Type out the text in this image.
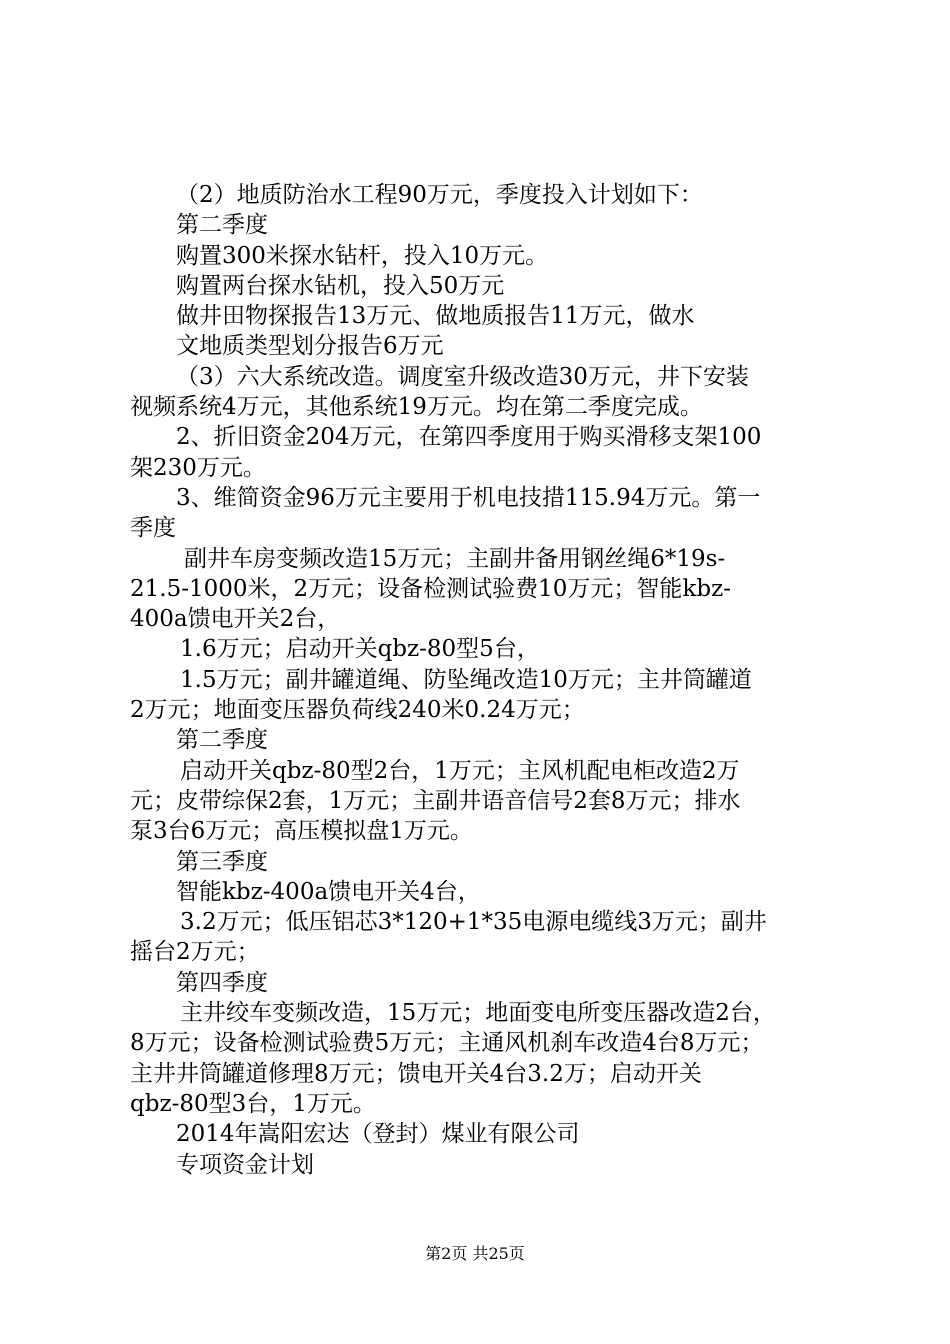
（2）地质防治水工程90万元，季度投入计划如下：
第二季度
购置300米探水钻杆，投入10万元。
购置两台探水钻机，投入50万元
做井田物探报告13万元、做地质报告11万元，做水
文地质类型划分报告6万元
（3）六大系统改造。调度室升级改造30万元，井下安装
视频系统4万元，其他系统19万元。均在第二季度完成。
2、折旧资金204万元，在第四季度用于购买滑移支架100
架230万元。
3、维简资金96万元主要用于机电技措115.94万元。第一
季度
副井车房变频改造15万元；主副井备用钢丝绳6*19s-
21.5-1000米，2万元；设备检测试验费10万元；智能kbz-
400a馈电开关2台，
1.6万元；启动开关qbz-80型5台，
1.5万元；副井罐道绳、防坠绳改造10万元；主井筒罐道
2万元；地面变压器负荷线240米0.24万元；
第二季度
启动开关qbz-80型2台，1万元；主风机配电柜改造2万
元；皮带综保2套，1万元；主副井语音信号2套8万元；排水
泵3台6万元；高压模拟盘1万元。
第三季度
智能kbz-400a馈电开关4台，
3.2万元；低压铝芯3*120+1*35电源电缆线3万元；副井
摇台2万元；
第四季度
主井绞车变频改造，15万元；地面变电所变压器改造2台，
8万元；设备检测试验费5万元；主通风机刹车改造4台8万元；
主井井筒罐道修理8万元；馈电开关4台3.2万；启动开关
qbz-80型3台，1万元。
2014年嵩阳宏达（登封）煤业有限公司
专项资金计划
第2页 共25页
